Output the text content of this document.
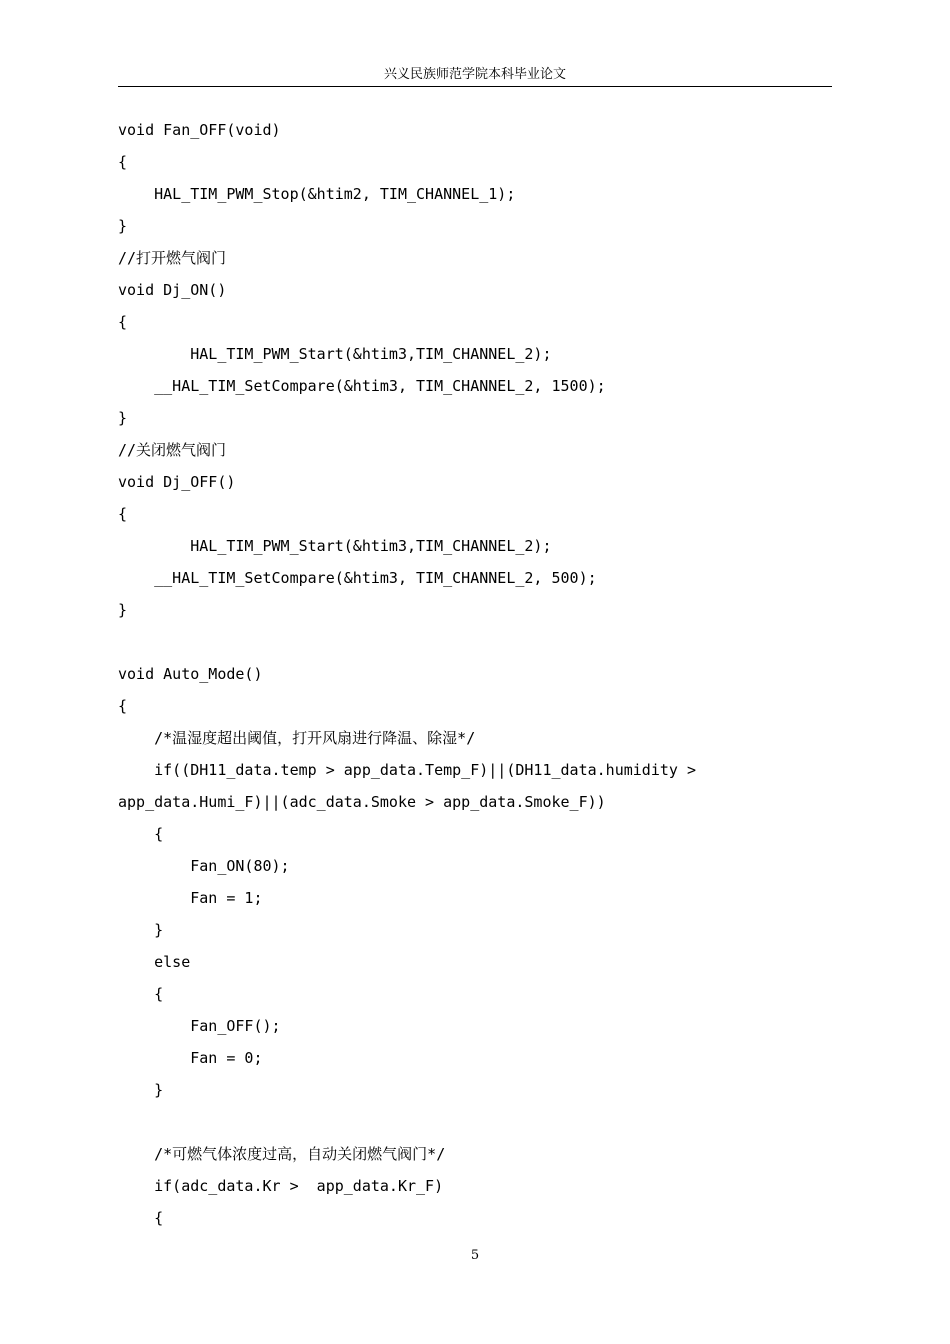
兴义民族师范学院本科毕业论文
void Fan_OFF(void)
{
HAL_TIM_PWM_Stop(&htim2, TIM_CHANNEL_1);
}
//打开燃气阀门
void Dj_ON()
{
HAL_TIM_PWM_Start(&htim3,TIM_CHANNEL_2);
__HAL_TIM_SetCompare(&htim3, TIM_CHANNEL_2, 1500);
}
//关闭燃气阀门
void Dj_OFF()
{
HAL_TIM_PWM_Start(&htim3,TIM_CHANNEL_2);
__HAL_TIM_SetCompare(&htim3, TIM_CHANNEL_2, 500);
}
void Auto_Mode()
{
/*温湿度超出阈值，打开风扇进行降温、除湿*/
if((DH11_data.temp > app_data.Temp_F)||(DH11_data.humidity >
app_data.Humi_F)||(adc_data.Smoke > app_data.Smoke_F))
{
Fan_ON(80);
Fan = 1;
}
else
{
Fan_OFF();
Fan = 0;
}
/*可燃气体浓度过高，自动关闭燃气阀门*/
if(adc_data.Kr >  app_data.Kr_F)
{
5
